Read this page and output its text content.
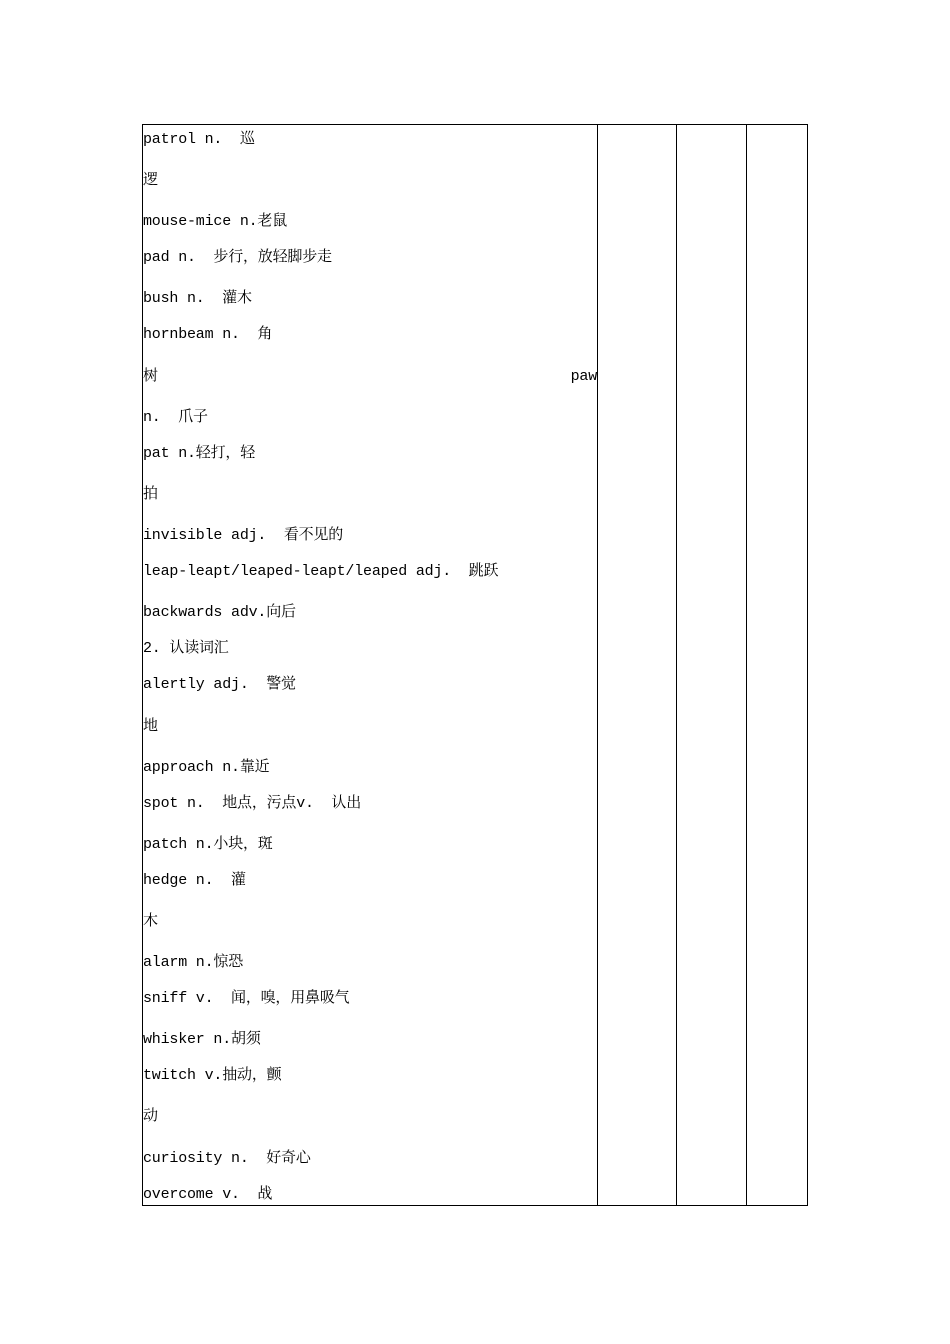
patrol n.  巡
逻
mouse-mice n.老鼠
pad n.  步行，放轻脚步走
bush n.  灌木
hornbeam n.  角
树	paw
n.  爪子
pat n.轻打，轻
拍
invisible adj.  看不见的
leap-leapt/leaped-leapt/leaped adj.  跳跃
backwards adv.向后
2. 认读词汇
alertly adj.  警觉
地
approach n.靠近
spot n.  地点，污点v.  认出
patch n.小块，斑
hedge n.  灌
木
alarm n.惊恐
sniff v.  闻，嗅，用鼻吸气
whisker n.胡须
twitch v.抽动，颤
动
curiosity n.  好奇心
overcome v.  战
